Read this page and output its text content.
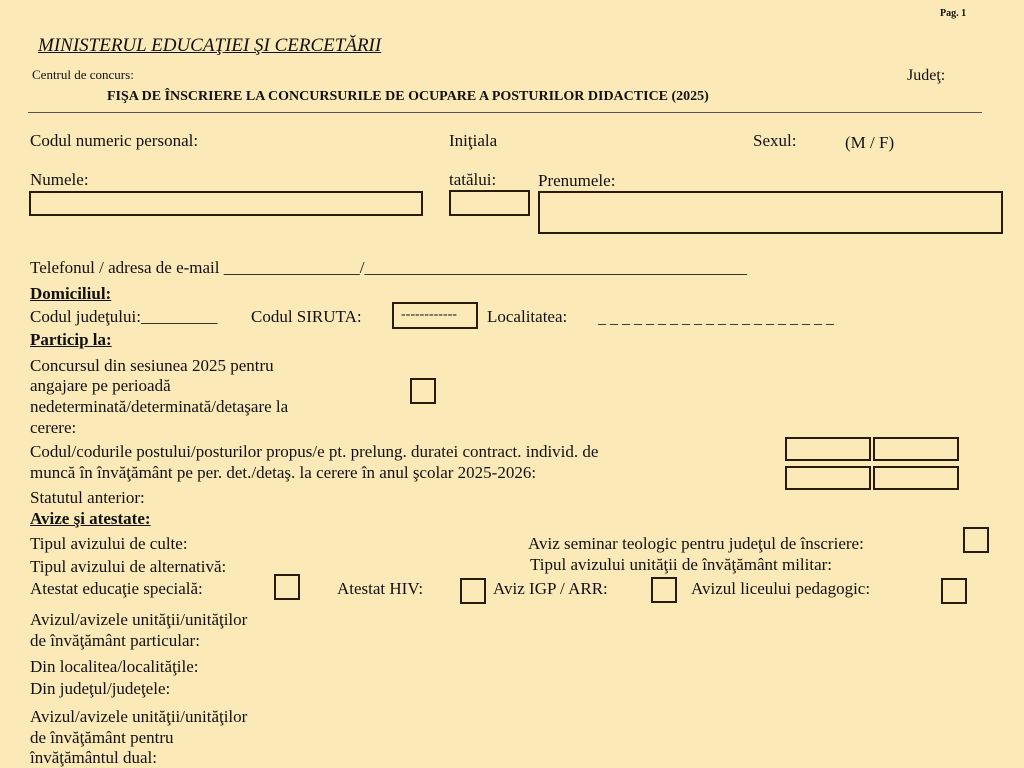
Pag. 1
MINISTERUL EDUCAŢIEI ŞI CERCETĂRII
Centrul de concurs:	Judeţ:
FIŞA DE ÎNSCRIERE LA CONCURSURILE DE OCUPARE A POSTURILOR DIDACTICE (2025)
Codul numeric personal:	Iniţiala	Sexul:	(M / F)
Numele:	tatălui: Prenumele:
Telefonul / adresa de e-mail ________________/_____________________________________________
Domiciliul:
Codul judeţului:_________ Codul SIRUTA:	------------ Localitatea: _ _ _ _ _ _ _ _ _ _ _ _ _ _ _ _ _ _ _ _
Particip la:
Concursul din sesiunea 2025 pentru
angajare pe perioadă
nedeterminată/determinată/detaşare la
cerere:
Codul/codurile postului/posturilor propus/e pt. prelung. duratei contract. individ. de
muncă în învăţământ pe per. det./detaş. la cerere în anul şcolar 2025-2026:
Statutul anterior:
Avize şi atestate:
Tipul avizului de culte:	Aviz seminar teologic pentru judeţul de înscriere:
Tipul avizului de alternativă:	Tipul avizului unităţii de învăţământ militar:
Atestat educaţie specială:	Atestat HIV:	Aviz IGP / ARR:	Avizul liceului pedagogic:
Avizul/avizele unităţii/unităţilor
de învăţământ particular:
Din localitea/localităţile:
Din judeţul/judeţele:
Avizul/avizele unităţii/unităţilor
de învăţământ pentru
învăţământul dual:
